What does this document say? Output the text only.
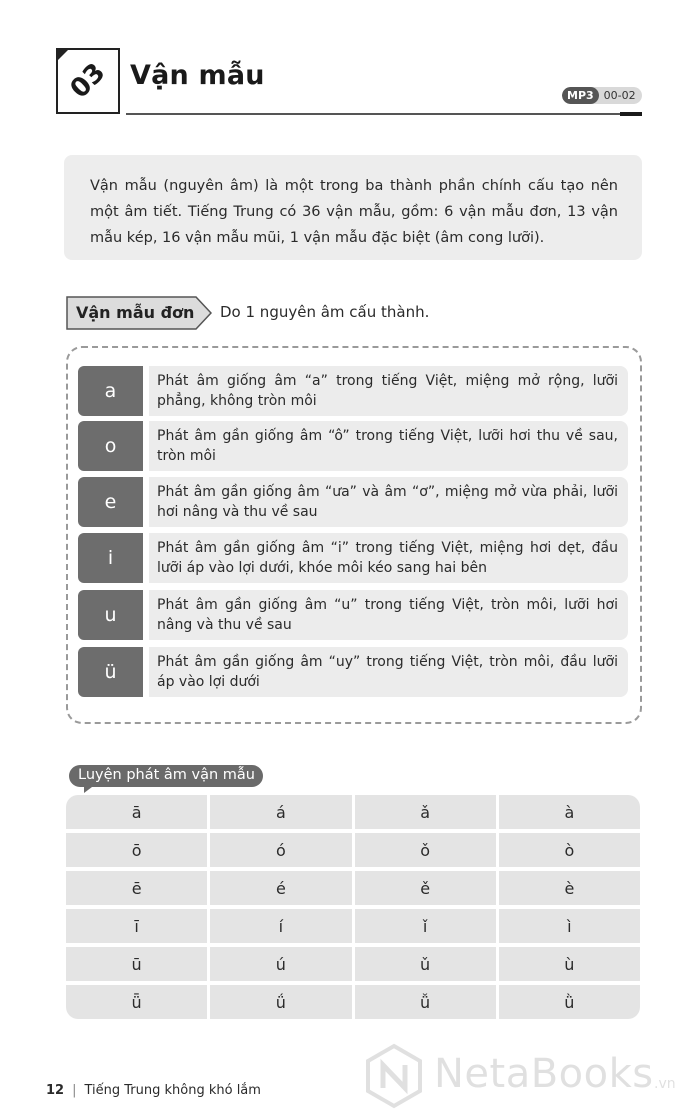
03 Vận mẫu
MP3 00-02
Vận mẫu (nguyên âm) là một trong ba thành phần chính cấu tạo nên một âm tiết. Tiếng Trung có 36 vận mẫu, gồm: 6 vận mẫu đơn, 13 vận mẫu kép, 16 vận mẫu mũi, 1 vận mẫu đặc biệt (âm cong lưỡi).
Vận mẫu đơn Do 1 nguyên âm cấu thành.
a	Phát âm giống âm “a” trong tiếng Việt, miệng mở rộng, lưỡi phẳng, không tròn môi
o	Phát âm gần giống âm “ô” trong tiếng Việt, lưỡi hơi thu về sau, tròn môi
e	Phát âm gần giống âm “ưa” và âm “ơ”, miệng mở vừa phải, lưỡi hơi nâng và thu về sau
i	Phát âm gần giống âm “i” trong tiếng Việt, miệng hơi dẹt, đầu lưỡi áp vào lợi dưới, khóe môi kéo sang hai bên
u	Phát âm gần giống âm “u” trong tiếng Việt, tròn môi, lưỡi hơi nâng và thu về sau
ü	Phát âm gần giống âm “uy” trong tiếng Việt, tròn môi, đầu lưỡi áp vào lợi dưới
Luyện phát âm vận mẫu
ā	á	ǎ	à
ō	ó	ǒ	ò
ē	é	ě	è
ī	í	ǐ	ì
ū	ú	ǔ	ù
ǖ	ǘ	ǚ	ǜ
12 | Tiếng Trung không khó lắm	NetaBooks .vn
